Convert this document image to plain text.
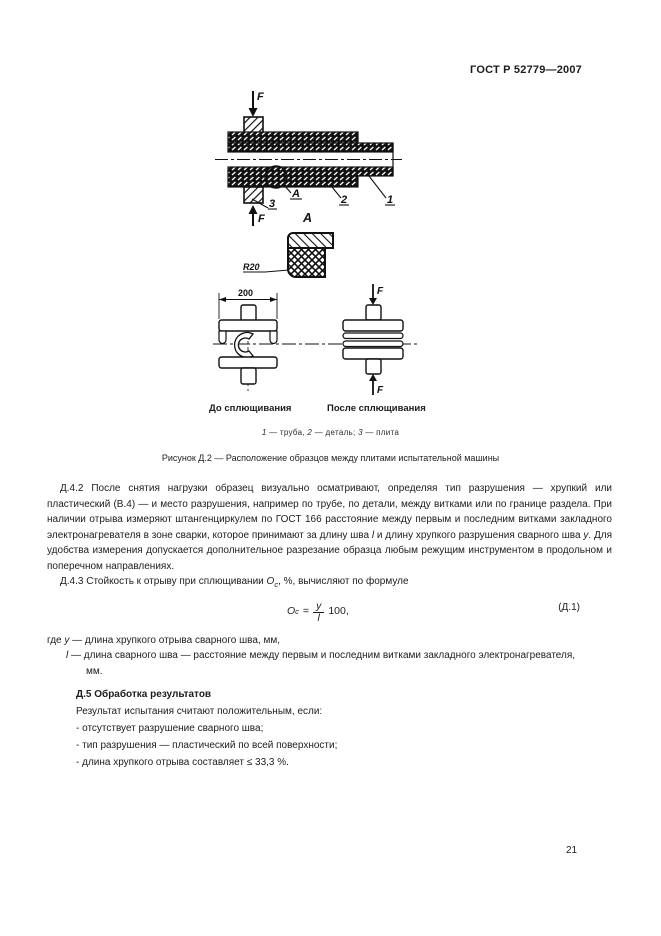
ГОСТ Р 52779—2007
F
A
F
3	2	1
А
R20
200	F
F
До сплющивания	После сплющивания
1 — труба, 2 — деталь; 3 — плита
Рисунок Д.2 — Расположение образцов между плитами испытательной машины

Д.4.2 После снятия нагрузки образец визуально осматривают, определяя тип разрушения — хрупкий или пластический (В.4) — и место разрушения, например по трубе, по детали, между витками или по границе раздела. При наличии отрыва измеряют штангенциркулем по ГОСТ 166 расстояние между первым и последним витками закладного электронагревателя в зоне сварки, которое принимают за длину шва l и длину хрупкого разрушения сварного шва у. Для удобства измерения допускается дополнительное разрезание образца любым режущим инструментом в продольном и поперечном направлениях.

Д.4.3 Стойкость к отрыву при сплющивании $О_с$, %, вычисляют по формуле

О $с = \frac{у}{l} 100$,	(Д.1)
где у — длина хрупкого отрыва сварного шва, мм,
l — длина сварного шва — расстояние между первым и последним витками закладного электронагревателя,
мм.

Д.5 Обработка результатов

Результат испытания считают положительным, если:

- отсутствует разрушение сварного шва;

- тип разрушения — пластический по всей поверхности;

- длина хрупкого отрыва составляет ≤ 33,3 %.

21
